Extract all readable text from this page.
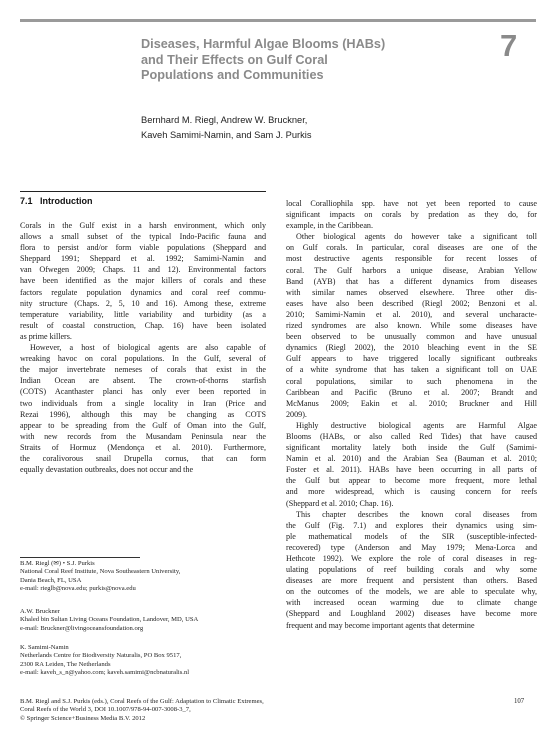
7
Diseases, Harmful Algae Blooms (HABs)
and Their Effects on Gulf Coral
Populations and Communities
Bernhard M. Riegl, Andrew W. Bruckner,
Kaveh Samimi-Namin, and Sam J. Purkis
7.1 Introduction
Corals in the Gulf exist in a harsh environment, which only
allows a small subset of the typical Indo-Pacific fauna and
flora to persist and/or form viable populations (Sheppard and
Sheppard 1991; Sheppard et al. 1992; Samimi-Namin and
van Ofwegen 2009; Chaps. 11 and 12). Environmental factors
have been identified as the major killers of corals and these
factors regulate population dynamics and coral reef commu-
nity structure (Chaps. 2, 5, 10 and 16). Among these, extreme
temperature variability, little variability and turbidity (as a
result of coastal construction, Chap. 16) have been isolated
as prime killers.
However, a host of biological agents are also capable of
wreaking havoc on coral populations. In the Gulf, several of
the major invertebrate nemeses of corals that exist in the
Indian Ocean are absent. The crown-of-thorns starfish
(COTS) Acanthaster planci has only ever been reported in
two individuals from a single locality in Iran (Price and
Rezai 1996), although this may be changing as COTS
appear to be spreading from the Gulf of Oman into the Gulf,
with new records from the Musandam Peninsula near the
Straits of Hormuz (Mendonça et al. 2010). Furthermore,
the coralivorous snail Drupella cornus, that can form
equally devastation outbreaks, does not occur and the
local Coralliophila spp. have not yet been reported to cause
significant impacts on corals by predation as they do, for
example, in the Caribbean.
Other biological agents do however take a significant toll
on Gulf corals. In particular, coral diseases are one of the
most destructive agents responsible for recent losses of
coral. The Gulf harbors a unique disease, Arabian Yellow
Band (AYB) that has a different dynamics from diseases
with similar names observed elsewhere. Three other dis-
eases have also been described (Riegl 2002; Benzoni et al.
2010; Samimi-Namin et al. 2010), and several uncharacte-
rized syndromes are also known. While some diseases have
been observed to be unusually common and have unusual
dynamics (Riegl 2002), the 2010 bleaching event in the SE
Gulf appears to have triggered locally significant outbreaks
of a white syndrome that has taken a significant toll on UAE
coral populations, similar to such phenomena in the
Caribbean and Pacific (Bruno et al. 2007; Brandt and
McManus 2009; Eakin et al. 2010; Bruckner and Hill
2009).
Highly destructive biological agents are Harmful Algae
Blooms (HABs, or also called Red Tides) that have caused
significant mortality lately both inside the Gulf (Samimi-
Namin et al. 2010) and the Arabian Sea (Bauman et al. 2010;
Foster et al. 2011). HABs have been occurring in all parts of
the Gulf but appear to become more frequent, more lethal
and more widespread, which is causing concern for reefs
(Sheppard et al. 2010; Chap. 16).
This chapter describes the known coral diseases from
the Gulf (Fig. 7.1) and explores their dynamics using sim-
ple mathematical models of the SIR (susceptible-infected-
recovered) type (Anderson and May 1979; Mena-Lorca and
Hethcote 1992). We explore the role of coral diseases in reg-
ulating populations of reef building corals and why some
diseases are more frequent and persistent than others. Based
on the outcomes of the models, we are able to speculate why,
with increased ocean warming due to climate change
(Sheppard and Loughland 2002) diseases have become more
frequent and may become important agents that determine
B.M. Riegl (✉) • S.J. Purkis
National Coral Reef Institute, Nova Southeastern University,
Dania Beach, FL, USA
e-mail: rieglb@nova.edu; purkis@nova.edu
A.W. Bruckner
Khaled bin Sultan Living Oceans Foundation, Landover, MD, USA
e-mail: Bruckner@livingoceansfoundation.org
K. Samimi-Namin
Netherlands Centre for Biodiversity Naturalis, PO Box 9517,
2300 RA Leiden, The Netherlands
e-mail: kaveh_s_n@yahoo.com; kaveh.samimi@ncbnaturalis.nl
B.M. Riegl and S.J. Purkis (eds.), Coral Reefs of the Gulf: Adaptation to Climatic Extremes,
Coral Reefs of the World 3, DOI 10.1007/978-94-007-3008-3_7,
© Springer Science+Business Media B.V. 2012
107
